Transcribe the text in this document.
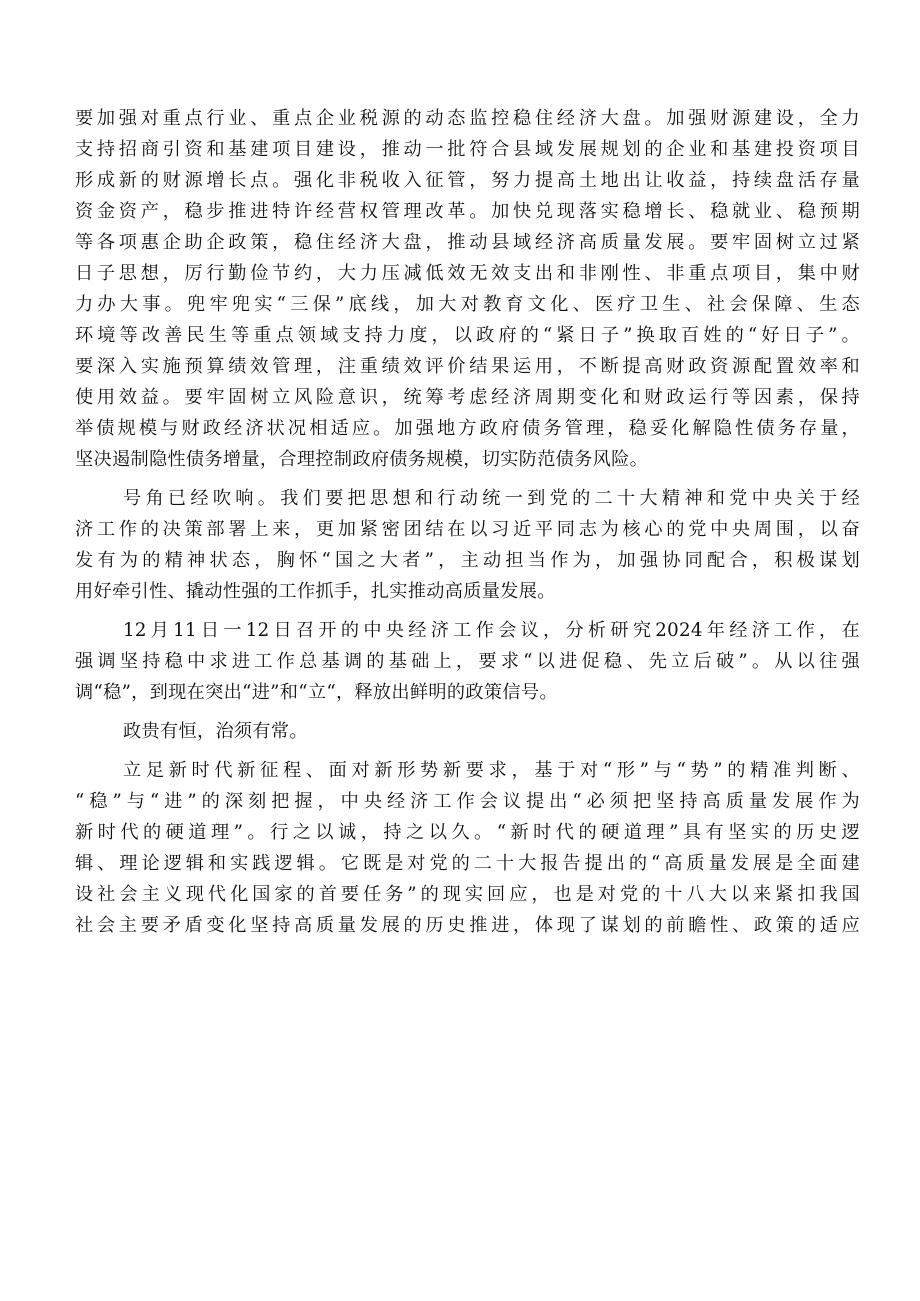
要加强对重点行业、重点企业税源的动态监控稳住经济大盘。加强财源建设，全力
支持招商引资和基建项目建设，推动一批符合县域发展规划的企业和基建投资项目
形成新的财源增长点。强化非税收入征管，努力提高土地出让收益，持续盘活存量
资金资产，稳步推进特许经营权管理改革。加快兑现落实稳增长、稳就业、稳预期
等各项惠企助企政策，稳住经济大盘，推动县域经济高质量发展。要牢固树立过紧
日子思想，厉行勤俭节约，大力压减低效无效支出和非刚性、非重点项目，集中财
力办大事。兜牢兜实“三保”底线，加大对教育文化、医疗卫生、社会保障、生态
环境等改善民生等重点领域支持力度，以政府的“紧日子”换取百姓的“好日子”。
要深入实施预算绩效管理，注重绩效评价结果运用，不断提高财政资源配置效率和
使用效益。要牢固树立风险意识，统筹考虑经济周期变化和财政运行等因素，保持
举债规模与财政经济状况相适应。加强地方政府债务管理，稳妥化解隐性债务存量，
坚决遏制隐性债务增量，合理控制政府债务规模，切实防范债务风险。
号角已经吹响。我们要把思想和行动统一到党的二十大精神和党中央关于经
济工作的决策部署上来，更加紧密团结在以习近平同志为核心的党中央周围，以奋
发有为的精神状态，胸怀“国之大者”，主动担当作为，加强协同配合，积极谋划
用好牵引性、撬动性强的工作抓手，扎实推动高质量发展。
12月11日一12日召开的中央经济工作会议，分析研究2024年经济工作，在
强调坚持稳中求进工作总基调的基础上，要求“以进促稳、先立后破”。从以往强
调“稳”，到现在突出“进”和“立“，释放出鲜明的政策信号。
政贵有恒，治须有常。
立足新时代新征程、面对新形势新要求，基于对“形”与“势”的精准判断、
“稳”与“进”的深刻把握，中央经济工作会议提出“必须把坚持高质量发展作为
新时代的硬道理”。行之以诚，持之以久。“新时代的硬道理”具有坚实的历史逻
辑、理论逻辑和实践逻辑。它既是对党的二十大报告提出的“高质量发展是全面建
设社会主义现代化国家的首要任务”的现实回应，也是对党的十八大以来紧扣我国
社会主要矛盾变化坚持高质量发展的历史推进，体现了谋划的前瞻性、政策的适应
